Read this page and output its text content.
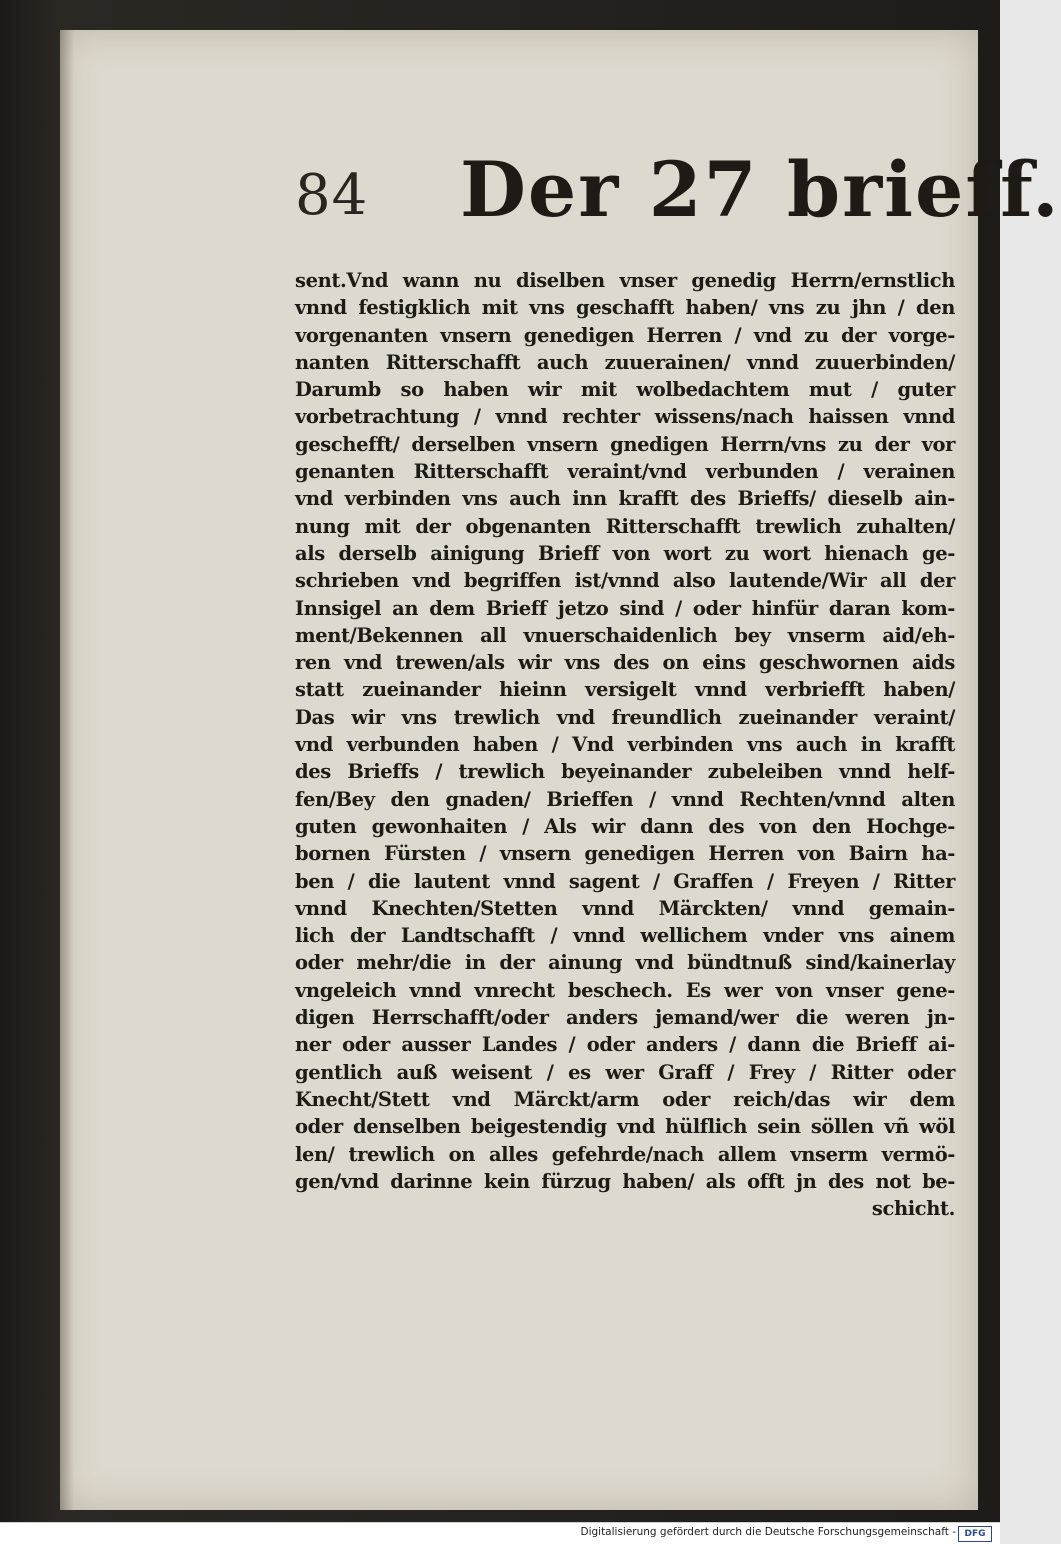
84 Der 27 brieff.
sent.Vnd wann nu diselben vnser genedig Herrn/ernstlich
vnnd festigklich mit vns geschafft haben/ vns zu jhn / den
vorgenanten vnsern genedigen Herren / vnd zu der vorge-
nanten Ritterschafft auch zuuerainen/ vnnd zuuerbinden/
Darumb so haben wir mit wolbedachtem mut / guter
vorbetrachtung / vnnd rechter wissens/nach haissen vnnd
geschefft/ derselben vnsern gnedigen Herrn/vns zu der vor
genanten Ritterschafft veraint/vnd verbunden / verainen
vnd verbinden vns auch inn krafft des Brieffs/ dieselb ain-
nung mit der obgenanten Ritterschafft trewlich zuhalten/
als derselb ainigung Brieff von wort zu wort hienach ge-
schrieben vnd begriffen ist/vnnd also lautende/Wir all der
Innsigel an dem Brieff jetzo sind / oder hinfür daran kom-
ment/Bekennen all vnuerschaidenlich bey vnserm aid/eh-
ren vnd trewen/als wir vns des on eins geschwornen aids
statt zueinander hieinn versigelt vnnd verbriefft haben/
Das wir vns trewlich vnd freundlich zueinander veraint/
vnd verbunden haben / Vnd verbinden vns auch in krafft
des Brieffs / trewlich beyeinander zubeleiben vnnd helf-
fen/Bey den gnaden/ Brieffen / vnnd Rechten/vnnd alten
guten gewonhaiten / Als wir dann des von den Hochge-
bornen Fürsten / vnsern genedigen Herren von Bairn ha-
ben / die lautent vnnd sagent / Graffen / Freyen / Ritter
vnnd Knechten/Stetten vnnd Märckten/ vnnd gemain-
lich der Landtschafft / vnnd wellichem vnder vns ainem
oder mehr/die in der ainung vnd bündtnuß sind/kainerlay
vngeleich vnnd vnrecht beschech. Es wer von vnser gene-
digen Herrschafft/oder anders jemand/wer die weren jn-
ner oder ausser Landes / oder anders / dann die Brieff ai-
gentlich auß weisent / es wer Graff / Frey / Ritter oder
Knecht/Stett vnd Märckt/arm oder reich/das wir dem
oder denselben beigestendig vnd hülflich sein söllen vñ wöl
len/ trewlich on alles gefehrde/nach allem vnserm vermö-
gen/vnd darinne kein fürzug haben/ als offt jn des not be-
schicht.
Digitalisierung gefördert durch die Deutsche Forschungsgemeinschaft - DFG
